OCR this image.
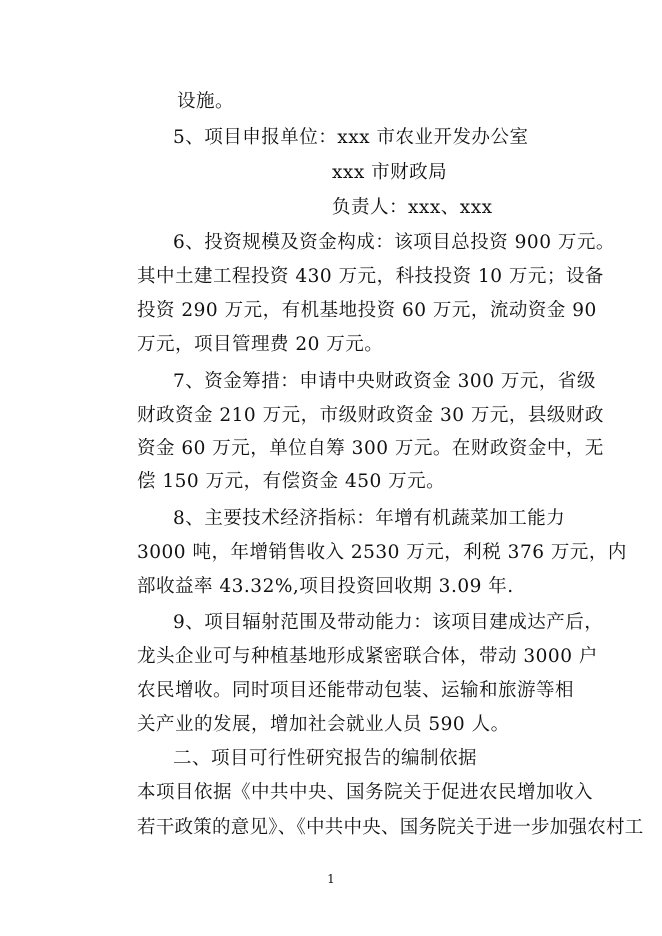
设施。
5、项目申报单位：xxx 市农业开发办公室
xxx 市财政局
负责人：xxx、xxx
6、投资规模及资金构成：该项目总投资 900 万元。
其中土建工程投资 430 万元，科技投资 10 万元；设备
投资 290 万元，有机基地投资 60 万元，流动资金 90
万元，项目管理费 20 万元。
7、资金筹措：申请中央财政资金 300 万元，省级
财政资金 210 万元，市级财政资金 30 万元，县级财政
资金 60 万元，单位自筹 300 万元。在财政资金中，无
偿 150 万元，有偿资金 450 万元。
8、主要技术经济指标：年增有机蔬菜加工能力
3000 吨，年增销售收入 2530 万元，利税 376 万元，内
部收益率 43.32%,项目投资回收期 3.09 年.
9、项目辐射范围及带动能力：该项目建成达产后，
龙头企业可与种植基地形成紧密联合体，带动 3000 户
农民增收。同时项目还能带动包装、运输和旅游等相
关产业的发展，增加社会就业人员 590 人。
二、项目可行性研究报告的编制依据
本项目依据《中共中央、国务院关于促进农民增加收入
若干政策的意见》、《中共中央、国务院关于进一步加强农村工
1
